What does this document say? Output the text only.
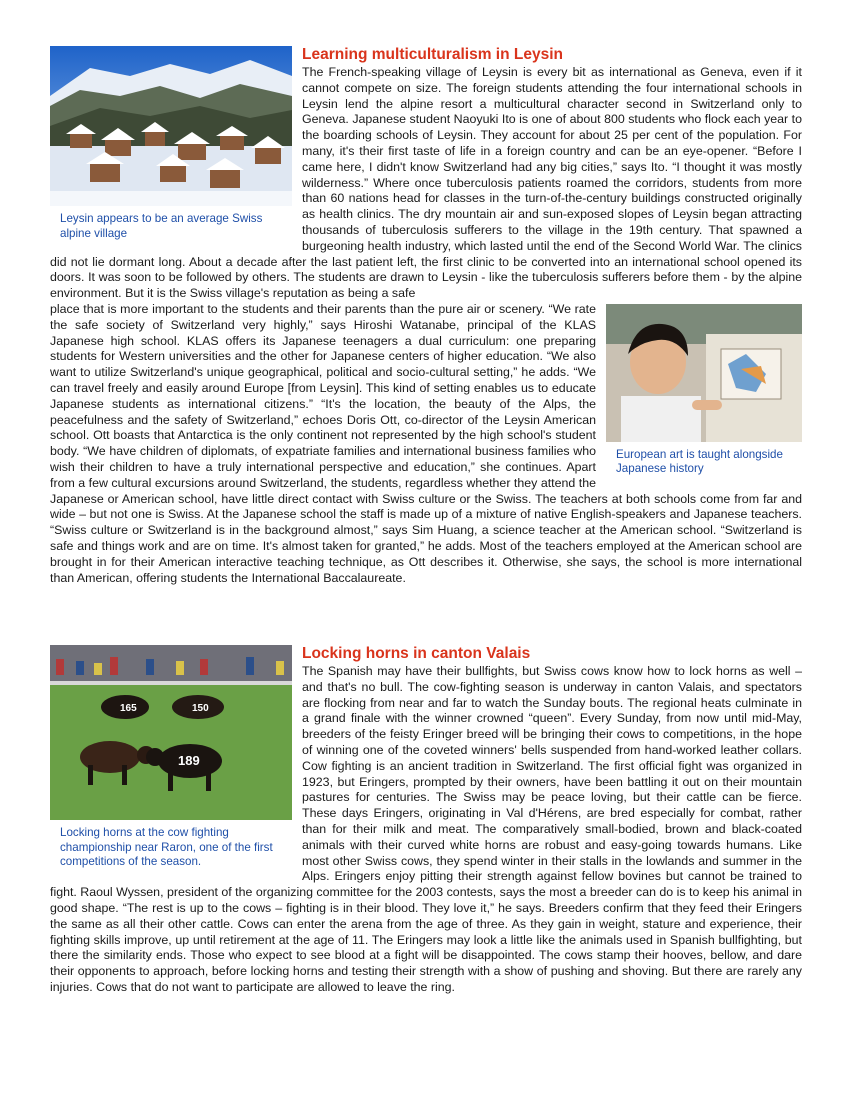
Leysin appears to be an average Swiss alpine village
Learning multiculturalism in Leysin

The French-speaking village of Leysin is every bit as international as Geneva, even if it cannot compete on size. The foreign students attending the four international schools in Leysin lend the alpine resort a multicultural character second in Switzerland only to Geneva. Japanese student Naoyuki Ito is one of about 800 students who flock each year to the boarding schools of Leysin. They account for about 25 per cent of the population. For many, it's their first taste of life in a foreign country and can be an eye-opener. “Before I came here, I didn't know Switzerland had any big cities,” says Ito. “I thought it was mostly wilderness.” Where once tuberculosis patients roamed the corridors, students from more than 60 nations head for classes in the turn-of-the-century buildings constructed originally as health clinics. The dry mountain air and sun-exposed slopes of Leysin began attracting thousands of tuberculosis sufferers to the village in the 19th century. That spawned a burgeoning health industry, which lasted until the end of the Second World War. The clinics did not lie dormant long. About a decade after the last patient left, the first clinic to be converted into an international school opened its doors. It was soon to be followed by others. The students are drawn to Leysin - like the tuberculosis sufferers before them - by the alpine environment. But it is the Swiss village's reputation as being a safe

European art is taught alongside Japanese history

place that is more important to the students and their parents than the pure air or scenery. “We rate the safe society of Switzerland very highly,” says Hiroshi Watanabe, principal of the KLAS Japanese high school. KLAS offers its Japanese teenagers a dual curriculum: one preparing students for Western universities and the other for Japanese centers of higher education. “We also want to utilize Switzerland's unique geographical, political and socio-cultural setting,” he adds. “We can travel freely and easily around Europe [from Leysin]. This kind of setting enables us to educate Japanese students as international citizens.” “It's the location, the beauty of the Alps, the peacefulness and the safety of Switzerland,” echoes Doris Ott, co-director of the Leysin American school. Ott boasts that Antarctica is the only continent not represented by the high school's student body. “We have children of diplomats, of expatriate families and international business families who wish their children to have a truly international perspective and education,” she continues. Apart from a few cultural excursions around Switzerland, the students, regardless whether they attend the Japanese or American school, have little direct contact with Swiss culture or the Swiss. The teachers at both schools come from far and wide – but not one is Swiss. At the Japanese school the staff is made up of a mixture of native English-speakers and Japanese teachers. “Swiss culture or Switzerland is in the background almost,” says Sim Huang, a science teacher at the American school. “Switzerland is safe and things work and are on time. It's almost taken for granted,” he adds. Most of the teachers employed at the American school are brought in for their American interactive teaching technique, as Ott describes it. Otherwise, she says, the school is more international than American, offering students the International Baccalaureate.

165	150
189
Locking horns at the cow fighting championship near Raron, one of the first competitions of the season.
Locking horns in canton Valais

The Spanish may have their bullfights, but Swiss cows know how to lock horns as well – and that's no bull. The cow-fighting season is underway in canton Valais, and spectators are flocking from near and far to watch the Sunday bouts. The regional heats culminate in a grand finale with the winner crowned “queen”. Every Sunday, from now until mid-May, breeders of the feisty Eringer breed will be bringing their cows to competitions, in the hope of winning one of the coveted winners' bells suspended from hand-worked leather collars. Cow fighting is an ancient tradition in Switzerland. The first official fight was organized in 1923, but Eringers, prompted by their owners, have been battling it out on their mountain pastures for centuries. The Swiss may be peace loving, but their cattle can be fierce. These days Eringers, originating in Val d'Hérens, are bred especially for combat, rather than for their milk and meat. The comparatively small-bodied, brown and black-coated animals with their curved white horns are robust and easy-going towards humans. Like most other Swiss cows, they spend winter in their stalls in the lowlands and summer in the Alps. Eringers enjoy pitting their strength against fellow bovines but cannot be trained to fight. Raoul Wyssen, president of the organizing committee for the 2003 contests, says the most a breeder can do is to keep his animal in good shape. “The rest is up to the cows – fighting is in their blood. They love it,” he says. Breeders confirm that they feed their Eringers the same as all their other cattle. Cows can enter the arena from the age of three. As they gain in weight, stature and experience, their fighting skills improve, up until retirement at the age of 11. The Eringers may look a little like the animals used in Spanish bullfighting, but there the similarity ends. Those who expect to see blood at a fight will be disappointed. The cows stamp their hooves, bellow, and dare their opponents to approach, before locking horns and testing their strength with a show of pushing and shoving. But there are rarely any injuries. Cows that do not want to participate are allowed to leave the ring.
